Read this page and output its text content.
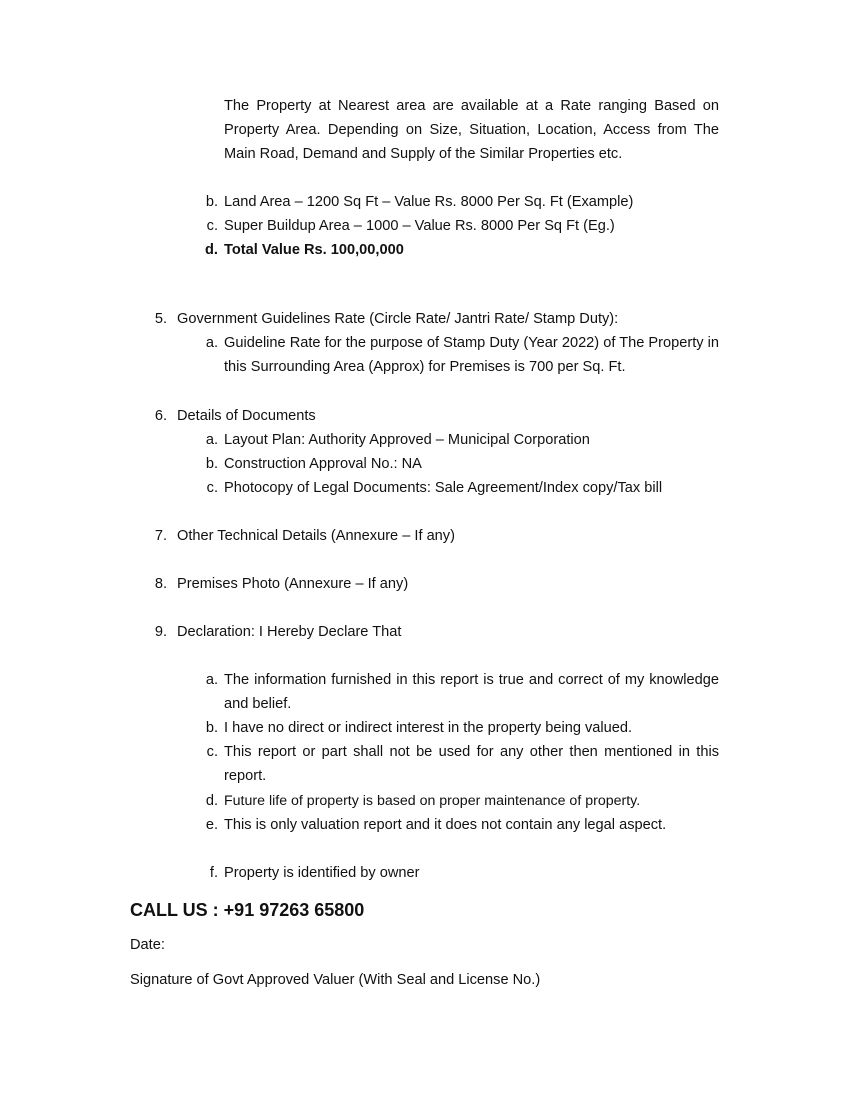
The Property at Nearest area are available at a Rate ranging Based on Property Area. Depending on Size, Situation, Location, Access from The Main Road, Demand and Supply of the Similar Properties etc.
b. Land Area – 1200 Sq Ft – Value Rs. 8000 Per Sq. Ft (Example)
c. Super Buildup Area – 1000 – Value Rs. 8000 Per Sq Ft (Eg.)
d. Total Value Rs. 100,00,000
5. Government Guidelines Rate (Circle Rate/ Jantri Rate/ Stamp Duty):
a. Guideline Rate for the purpose of Stamp Duty (Year 2022) of The Property in this Surrounding Area (Approx) for Premises is 700 per Sq. Ft.
6. Details of Documents
a. Layout Plan: Authority Approved – Municipal Corporation
b. Construction Approval No.: NA
c. Photocopy of Legal Documents: Sale Agreement/Index copy/Tax bill
7. Other Technical Details (Annexure – If any)
8. Premises Photo (Annexure – If any)
9. Declaration: I Hereby Declare That
a. The information furnished in this report is true and correct of my knowledge and belief.
b. I have no direct or indirect interest in the property being valued.
c. This report or part shall not be used for any other then mentioned in this report.
d. Future life of property is based on proper maintenance of property.
e. This is only valuation report and it does not contain any legal aspect.
f. Property is identified by owner
CALL US : +91 97263 65800
Date:
Signature of Govt Approved Valuer (With Seal and License No.)
